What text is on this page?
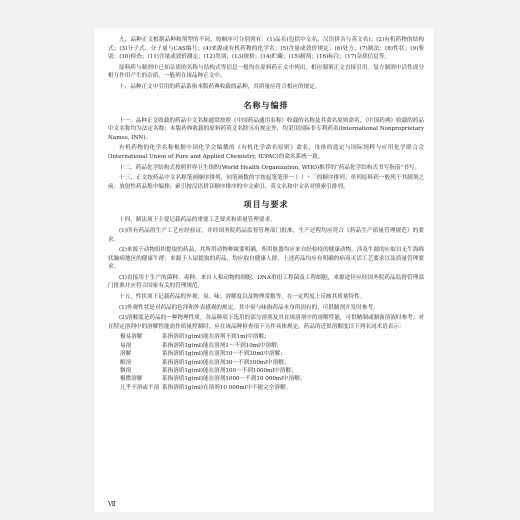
九、品种正文根据品种和剂型的不同，按顺序可分别列有：(1)品名(包括中文名，汉语拼音与英文名)；(2)有机药物的结构式；(3)分子式、分子量与CAS编号；(4)来源或有机药物的化学名；(5)含量或效价规定；(6)处方；(7)制法；(8)性状；(9)鉴别；(10)检查；(11)含量或效价测定；(12)类别；(13)规格；(14)贮藏；(15)制剂；(16)标注；(17)杂质信息等。

原料药与制剂中已知杂质的名称与结构式等信息一般均在原料药正文中列出，相应制剂正文直接引用。复方制剂中活性成分相互作用产生的杂质，一般列在该品种正文中。

十、品种正文中引用的药品系指本版药典收载的品种，其质量应符合相应的规定。

名称与编排

十一、品种正文收载的药品中文名称通常按照《中国药品通用名称》收载的名称及其命名原则命名，《中国药典》收载的药品中文名称均为法定名称；本版药典收载的原料药英文名除另有规定外，均采用国际非专利药名(International Nonproprietary Names, INN)。

有机药物的化学名称根据中国化学会编撰的《有机化学命名原则》命名，母体的选定与国际纯粹与应用化学联合会(International Union of Pure and Applied Chemistry, IUPAC)的命名系统一致。

十二、药品化学结构式按照世界卫生组织(World Health Organization, WHO)推荐的“药品化学结构式书写指南”书写。

十三、正文按药品中文名称笔画顺序排列，同笔画数的字按起笔笔形一丨丿丶乛的顺序排列；单列原料药一般列于其制剂之前；放射性药品集中编排；索引按汉语拼音顺序排序的中文索引、英文名和中文名对照索引排列。

项目与要求

十四、制法项下主要记载药品的重要工艺要求和质量管理要求。

(1)所有药品的生产工艺应经验证，并经国务院药品监督管理部门批准，生产过程均应符合《药品生产质量管理规范》的要求。

(2)来源于动物组织提取的药品，其所用动物种属要明确，所用脏器均应来自经检疫的健康动物，涉及牛源的应取自无牛海绵状脑病地区的健康牛群；来源于人尿提取的药品，均应取自健康人群。上述药品均应有明确的病毒灭活工艺要求以及质量管理要求。

(3)直接用于生产的菌种、毒种、来自人和动物的细胞、DNA重组工程菌及工程细胞，来源途径应经国务院药品监督管理部门批准并应符合国家有关的管理规范。

十五、性状项下记载药品的外观、臭、味、溶解度以及物理常数等，在一定程度上反映其质量特性。

(1)外观性状是对药品的色泽和外表感观的规定。其中臭与味指药品本身所固有的，可供制剂开发时参考。

(2)溶解度是药品的一种物理性质。各品种项下选用的部分溶剂及其在该溶剂中的溶解性能，可供精制或制备溶液时参考；对在特定溶剂中的溶解性能需作质量控制时，应在该品种检查项下另作具体规定。药品的近似溶解度以下列名词术语表示：

极易溶解	系指溶质1g(ml)能在溶剂不到1ml中溶解；
易溶	系指溶质1g(ml)能在溶剂1～不到10ml中溶解；
溶解	系指溶质1g(ml)能在溶剂10～不到30ml中溶解；
略溶	系指溶质1g(ml)能在溶剂30～不到100ml中溶解；
微溶	系指溶质1g(ml)能在溶剂100～不到1000ml中溶解；
极微溶解	系指溶质1g(ml)能在溶剂1000～不到10 000ml中溶解；
几乎不溶或不溶	系指溶质1g(ml)在溶剂10 000ml中不能完全溶解。
Ⅶ
